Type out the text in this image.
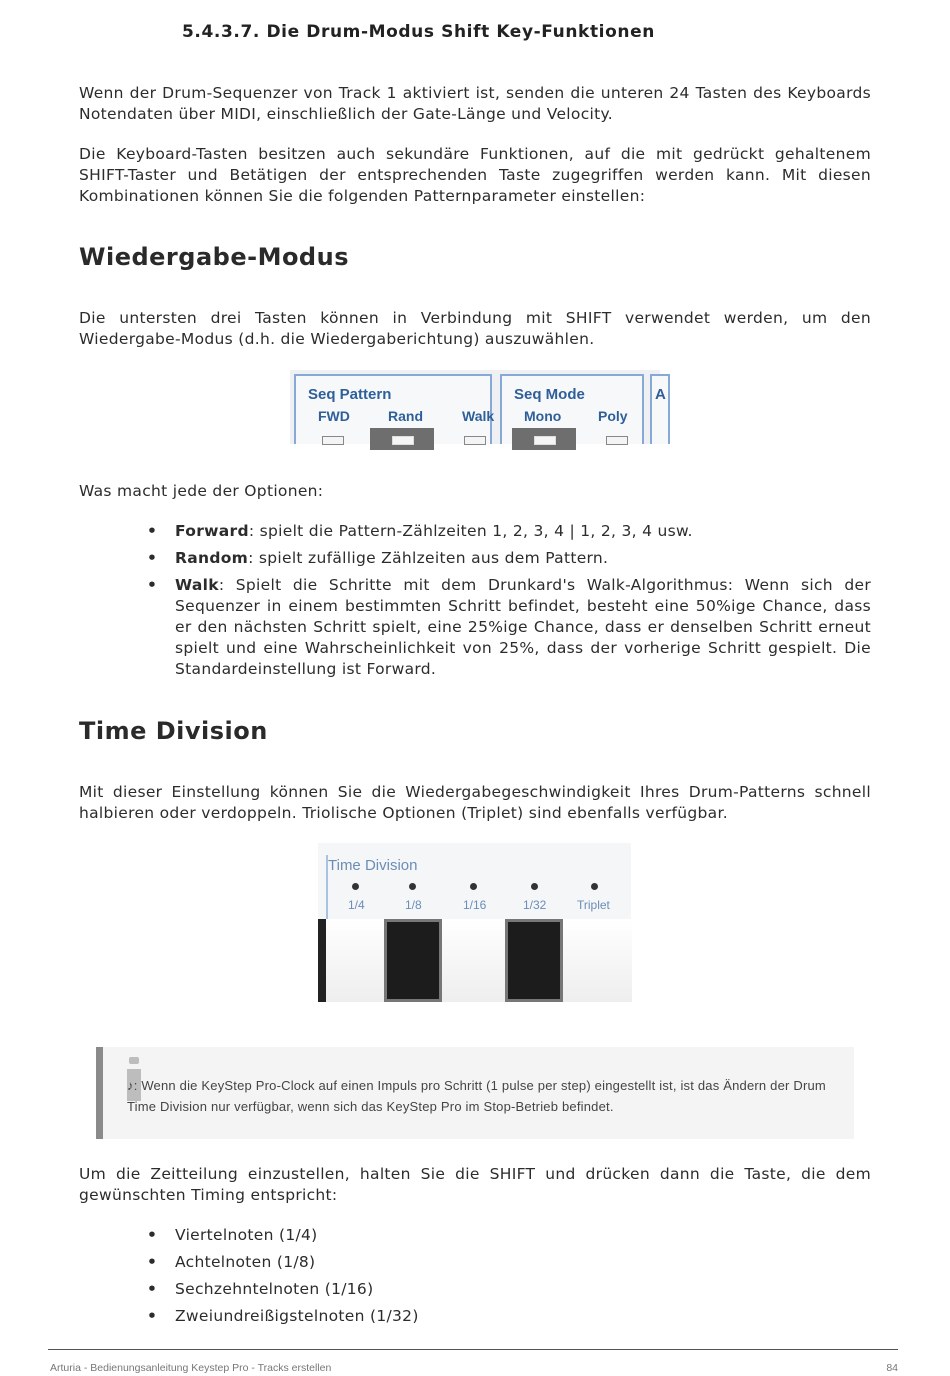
5.4.3.7. Die Drum-Modus Shift Key-Funktionen
Wenn der Drum-Sequenzer von Track 1 aktiviert ist, senden die unteren 24 Tasten des Keyboards Notendaten über MIDI, einschließlich der Gate-Länge und Velocity.
Die Keyboard-Tasten besitzen auch sekundäre Funktionen, auf die mit gedrückt gehaltenem SHIFT-Taster und Betätigen der entsprechenden Taste zugegriffen werden kann. Mit diesen Kombinationen können Sie die folgenden Patternparameter einstellen:
Wiedergabe-Modus
Die untersten drei Tasten können in Verbindung mit SHIFT verwendet werden, um den Wiedergabe-Modus (d.h. die Wiedergaberichtung) auszuwählen.
Seq Pattern
FWD	Rand	Walk
Seq Mode
Mono	Poly
A
Was macht jede der Optionen:
• Forward: spielt die Pattern-Zählzeiten 1, 2, 3, 4 | 1, 2, 3, 4 usw.
• Random: spielt zufällige Zählzeiten aus dem Pattern.
• Walk: Spielt die Schritte mit dem Drunkard's Walk-Algorithmus: Wenn sich der Sequenzer in einem bestimmten Schritt befindet, besteht eine 50%ige Chance, dass er den nächsten Schritt spielt, eine 25%ige Chance, dass er denselben Schritt erneut spielt und eine Wahrscheinlichkeit von 25%, dass der vorherige Schritt gespielt. Die Standardeinstellung ist Forward.
Time Division
Mit dieser Einstellung können Sie die Wiedergabegeschwindigkeit Ihres Drum-Patterns schnell halbieren oder verdoppeln. Triolische Optionen (Triplet) sind ebenfalls verfügbar.
Time Division
1/4	1/8	1/16	1/32	Triplet
♪: Wenn die KeyStep Pro-Clock auf einen Impuls pro Schritt (1 pulse per step) eingestellt ist, ist das Ändern der Drum Time Division nur verfügbar, wenn sich das KeyStep Pro im Stop-Betrieb befindet.
Um die Zeitteilung einzustellen, halten Sie die SHIFT und drücken dann die Taste, die dem gewünschten Timing entspricht:
• Viertelnoten (1/4)
• Achtelnoten (1/8)
• Sechzehntelnoten (1/16)
• Zweiundreißigstelnoten (1/32)
Arturia - Bedienungsanleitung Keystep Pro - Tracks erstellen	84
